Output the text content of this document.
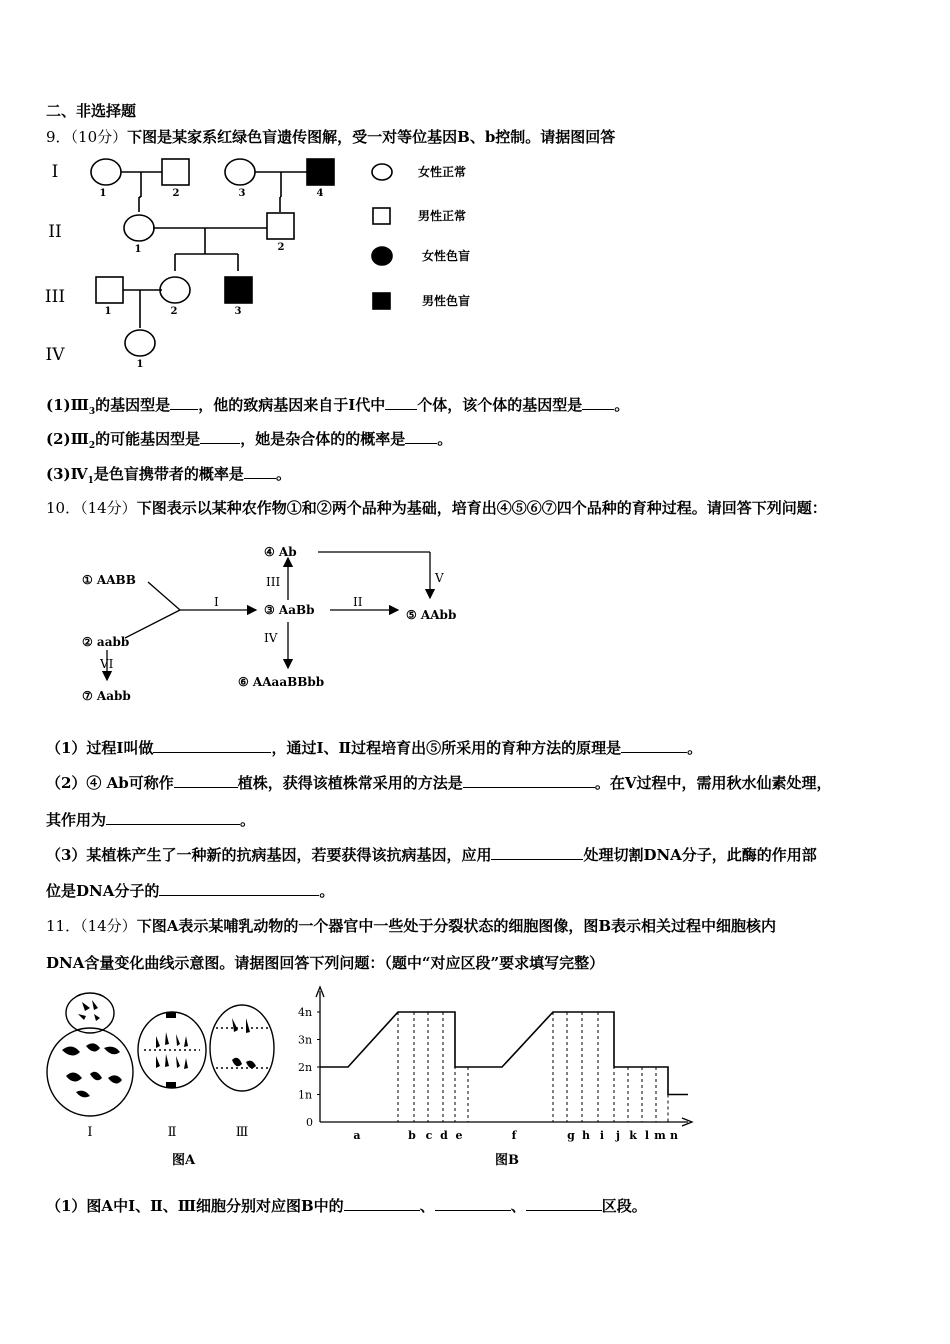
二、非选择题
9．（10分）下图是某家系红绿色盲遗传图解，受一对等位基因B、b控制。请据图回答
I
II
III
IV
1	2	3	4
1	2
1	2	3
1
女性正常
男性正常
女性色盲
男性色盲
$(1)Ⅲ_3$的基因型是 ，他的致病基因来自于Ⅰ代中 个体，该个体的基因型是 。
$(2)Ⅲ_2$的可能基因型是	，她是杂合体的的概率是 。
$(3)Ⅳ_1$是色盲携带者的概率是 。
10．（14分）下图表示以某种农作物①和②两个品种为基础，培育出④⑤⑥⑦四个品种的育种过程。请回答下列问题：
① AABB
② aabb
③ AaBb
④ Ab
⑤ AAbb
⑥ AAaaBBbb
⑦ Aabb
I	II
III
IV
V
VI
（1）过程Ⅰ叫做	，通过Ⅰ、Ⅱ过程培育出⑤所采用的育种方法的原理是	。
（2）④ Ab可称作	植株，获得该植株常采用的方法是	。在Ⅴ过程中，需用秋水仙素处理，
其作用为	。
（3）某植株产生了一种新的抗病基因，若要获得该抗病基因，应用	处理切割DNA分子，此酶的作用部
位是DNA分子的	。
11．（14分）下图A表示某哺乳动物的一个器官中一些处于分裂状态的细胞图像，图B表示相关过程中细胞核内
DNA含量变化曲线示意图。请据图回答下列问题：（题中“对应区段”要求填写完整）
Ⅰ	Ⅱ	Ⅲ
图A
0
1n
2n
3n
4n
a	b c d e	f	g h i j k l m n
图B
（1）图A中Ⅰ、Ⅱ、Ⅲ细胞分别对应图B中的	、	、	区段。
